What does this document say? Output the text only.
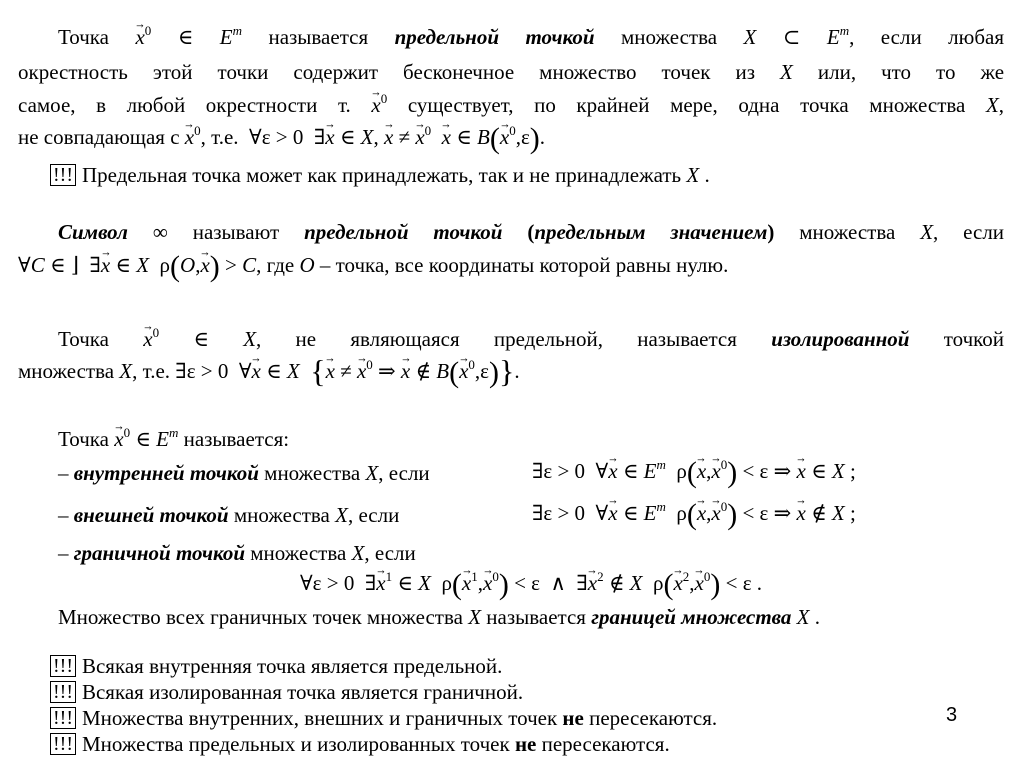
Точка → $x^0$ ∈ $E^m$ называется предельной точкой множества X ⊂ $E^m$, если любая
окрестность этой точки содержит бесконечное множество точек из X или, что то же
самое, в любой окрестности т. → $x^0$ существует, по крайней мере, одна точка множества X,
не совпадающая $с \to x^0$, т.е.  ∀ε > 0  ∃→ x ∈ X, → x ≠ → $x^0 \to x$ ∈ $B(\to x^0,\varepsilon)$.
!!! Предельная точка может как принадлежать, так и не принадлежать X .
Символ ∞ называют предельной точкой (предельным значением) множества X, если
∀C ∈ ⌋  ∃→ x ∈ X  ρ(O,→ x) > C, где O – точка, все координаты которой равны нулю.
Точка → $x^0$ ∈ X, не являющаяся предельной, называется изолированной точкой
множества X, т.е. ∃ε > 0  ∀→ x ∈ X {→ x ≠ → $x^0$ ⇒ → x ∉ $B(\to x^0,\varepsilon)$}.
Точка → $x^0$ ∈ $E^m$ называется:
– внутренней точкой множества X, если	∃ε > 0  ∀→ x ∈ $E^m$  $\rho(\to x,\to x^0) < \varepsilon$ ⇒ → x ∈ X ;
– внешней точкой множества X, если	∃ε > 0  ∀→ x ∈ $E^m$  $\rho(\to x,\to x^0) < \varepsilon$ ⇒ → x ∉ X ;
– граничной точкой множества X, если
∀ε > 0  ∃→ $x^1$ ∈ X  $\rho(\to x^1,\to x^0) < \varepsilon$  ∧  ∃→ $x^2$ ∉ X  $\rho(\to x^2,\to x^0) < \varepsilon$ .
Множество всех граничных точек множества X называется границей множества X .
!!! Всякая внутренняя точка является предельной.
!!! Всякая изолированная точка является граничной.
!!! Множества внутренних, внешних и граничных точек не пересекаются.
!!! Множества предельных и изолированных точек не пересекаются.
3
